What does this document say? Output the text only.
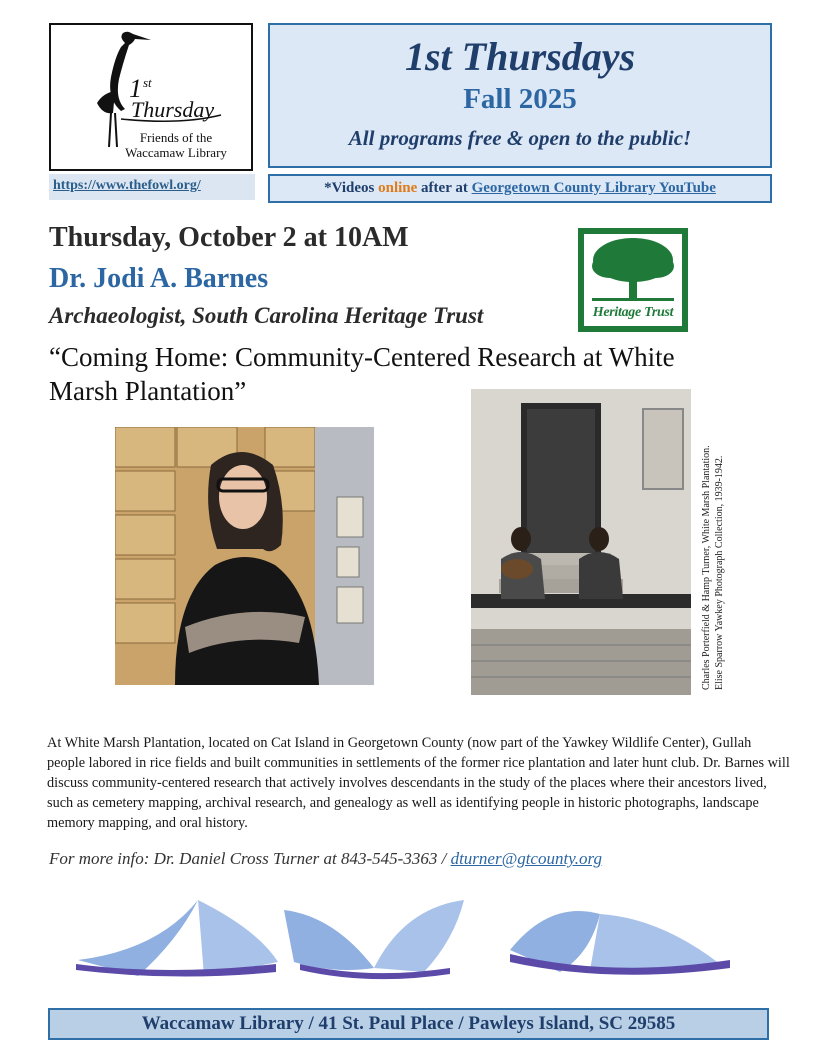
1 st
Thursday
Friends of the
Waccamaw Library
https://www.thefowl.org/
1st Thursdays
Fall 2025
All programs free & open to the public!
*Videos online after at Georgetown County Library YouTube
Thursday, October 2 at 10AM
Dr. Jodi A. Barnes
Archaeologist, South Carolina Heritage Trust
“Coming Home: Community-Centered Research at White Marsh Plantation”
Heritage Trust
Charles Porterfield & Hamp Turner, White Marsh Plantation. Elise Sparrow Yawkey Photograph Collection, 1939-1942.
At White Marsh Plantation, located on Cat Island in Georgetown County (now part of the Yawkey Wildlife Center), Gullah people labored in rice fields and built communities in settlements of the former rice plantation and later hunt club. Dr. Barnes will discuss community-centered research that actively involves descendants in the study of the places where their ancestors lived, such as cemetery mapping, archival research, and genealogy as well as identifying people in historic photographs, landscape memory mapping, and oral history.
For more info: Dr. Daniel Cross Turner at 843-545-3363 / dturner@gtcounty.org
Waccamaw Library / 41 St. Paul Place / Pawleys Island, SC 29585
